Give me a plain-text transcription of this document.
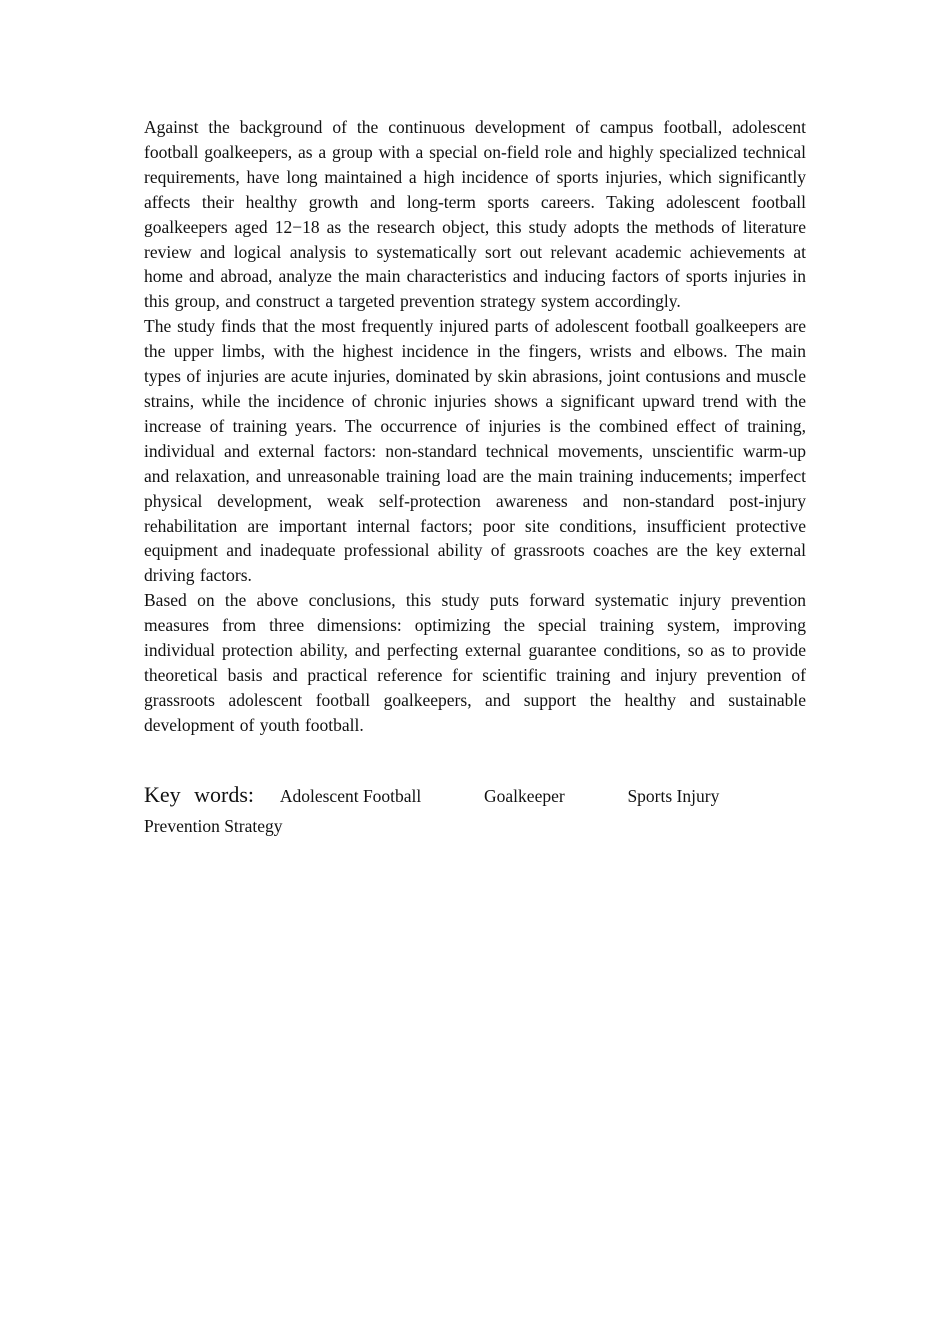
Against the background of the continuous development of campus football, adolescent football goalkeepers, as a group with a special on-field role and highly specialized technical requirements, have long maintained a high incidence of sports injuries, which significantly affects their healthy growth and long-term sports careers. Taking adolescent football goalkeepers aged 12−18 as the research object, this study adopts the methods of literature review and logical analysis to systematically sort out relevant academic achievements at home and abroad, analyze the main characteristics and inducing factors of sports injuries in this group, and construct a targeted prevention strategy system accordingly.

The study finds that the most frequently injured parts of adolescent football goalkeepers are the upper limbs, with the highest incidence in the fingers, wrists and elbows. The main types of injuries are acute injuries, dominated by skin abrasions, joint contusions and muscle strains, while the incidence of chronic injuries shows a significant upward trend with the increase of training years. The occurrence of injuries is the combined effect of training, individual and external factors: non-standard technical movements, unscientific warm-up and relaxation, and unreasonable training load are the main training inducements; imperfect physical development, weak self-protection awareness and non-standard post-injury rehabilitation are important internal factors; poor site conditions, insufficient protective equipment and inadequate professional ability of grassroots coaches are the key external driving factors.

Based on the above conclusions, this study puts forward systematic injury prevention measures from three dimensions: optimizing the special training system, improving individual protection ability, and perfecting external guarantee conditions, so as to provide theoretical basis and practical reference for scientific training and injury prevention of grassroots adolescent football goalkeepers, and support the healthy and sustainable development of youth football.

Key words: Adolescent Football	Goalkeeper	Sports Injury
Prevention Strategy
